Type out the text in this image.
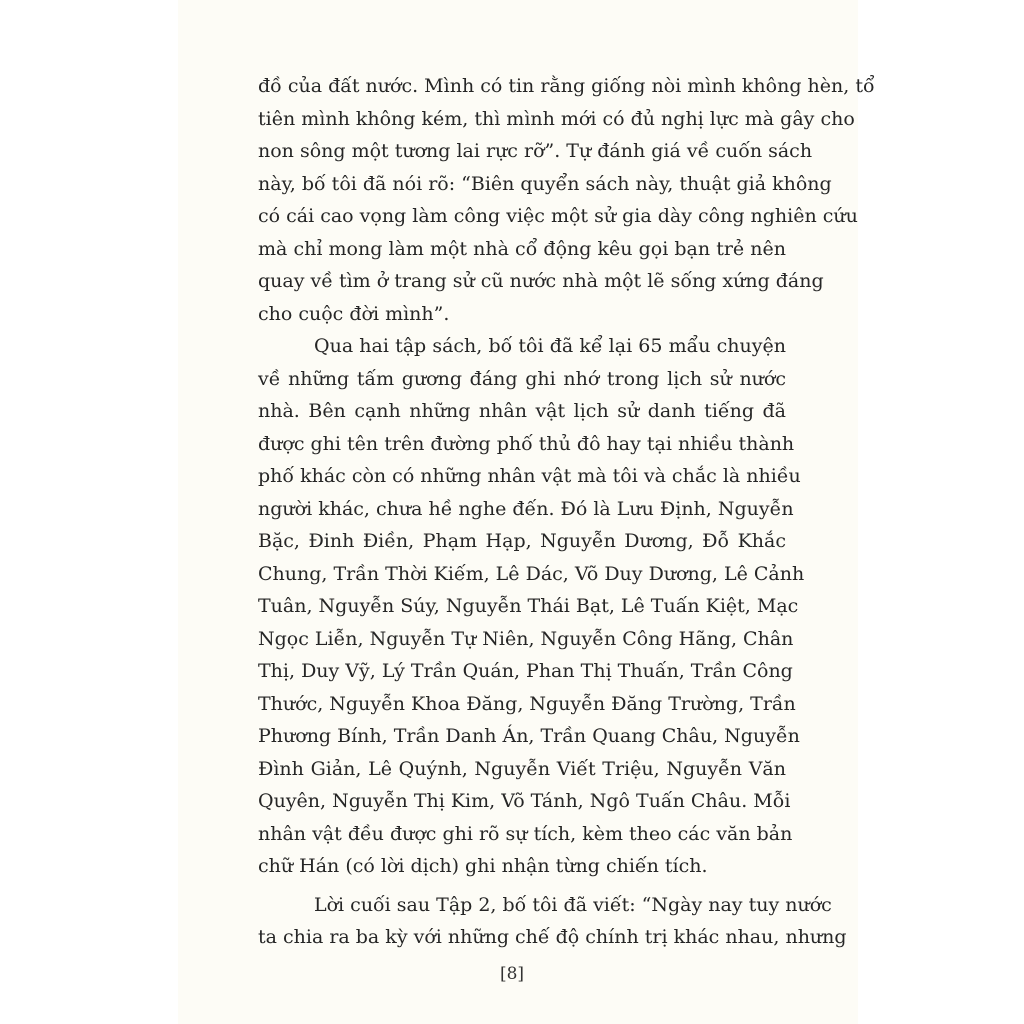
đồ của đất nước. Mình có tin rằng giống nòi mình không hèn, tổ
tiên mình không kém, thì mình mới có đủ nghị lực mà gây cho
non sông một tương lai rực rỡ”. Tự đánh giá về cuốn sách
này, bố tôi đã nói rõ: “Biên quyển sách này, thuật giả không
có cái cao vọng làm công việc một sử gia dày công nghiên cứu
mà chỉ mong làm một nhà cổ động kêu gọi bạn trẻ nên
quay về tìm ở trang sử cũ nước nhà một lẽ sống xứng đáng
cho cuộc đời mình”.
Qua hai tập sách, bố tôi đã kể lại 65 mẩu chuyện
về những tấm gương đáng ghi nhớ trong lịch sử nước
nhà. Bên cạnh những nhân vật lịch sử danh tiếng đã
được ghi tên trên đường phố thủ đô hay tại nhiều thành
phố khác còn có những nhân vật mà tôi và chắc là nhiều
người khác, chưa hề nghe đến. Đó là Lưu Định, Nguyễn
Bặc, Đinh Điền, Phạm Hạp, Nguyễn Dương, Đỗ Khắc
Chung, Trần Thời Kiếm, Lê Dác, Võ Duy Dương, Lê Cảnh
Tuân, Nguyễn Súy, Nguyễn Thái Bạt, Lê Tuấn Kiệt, Mạc
Ngọc Liễn, Nguyễn Tự Niên, Nguyễn Công Hãng, Chân
Thị, Duy Vỹ, Lý Trần Quán, Phan Thị Thuấn, Trần Công
Thước, Nguyễn Khoa Đăng, Nguyễn Đăng Trường, Trần
Phương Bính, Trần Danh Án, Trần Quang Châu, Nguyễn
Đình Giản, Lê Quýnh, Nguyễn Viết Triệu, Nguyễn Văn
Quyên, Nguyễn Thị Kim, Võ Tánh, Ngô Tuấn Châu. Mỗi
nhân vật đều được ghi rõ sự tích, kèm theo các văn bản
chữ Hán (có lời dịch) ghi nhận từng chiến tích.
Lời cuối sau Tập 2, bố tôi đã viết: “Ngày nay tuy nước
ta chia ra ba kỳ với những chế độ chính trị khác nhau, nhưng
[8]
